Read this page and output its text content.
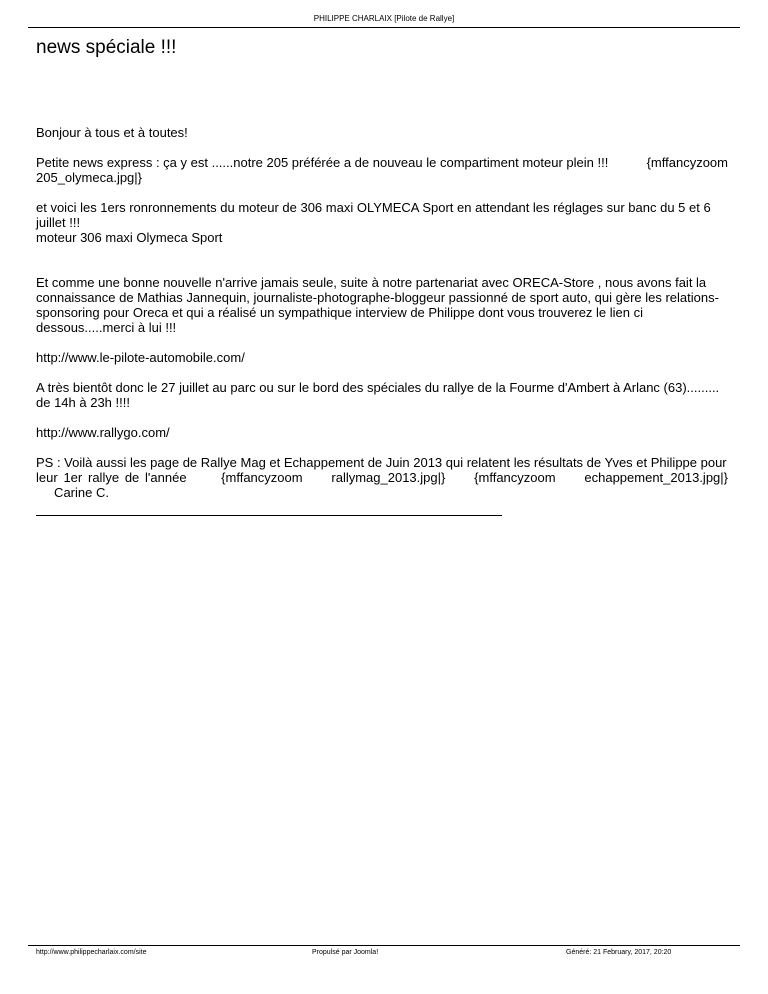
PHILIPPE CHARLAIX [Pilote de Rallye]
news spéciale !!!

Bonjour à tous et à toutes!

Petite news express : ça y est ......notre 205 préférée a de nouveau le compartiment moteur plein !!!	{mffancyzoom
205_olymeca.jpg|}

et voici les 1ers ronronnements du moteur de 306 maxi OLYMECA Sport en attendant les réglages sur banc du 5 et 6 juillet !!!
moteur 306 maxi Olymeca Sport

Et comme une bonne nouvelle n'arrive jamais seule, suite à notre partenariat avec ORECA-Store , nous avons fait la connaissance de Mathias Jannequin, journaliste-photographe-bloggeur passionné de sport auto, qui gère les relations-sponsoring pour Oreca et qui a réalisé un sympathique interview de Philippe dont vous trouverez le lien ci dessous.....merci à lui !!!

http://www.le-pilote-automobile.com/

A très bientôt donc le 27 juillet au parc ou sur le bord des spéciales du rallye de la Fourme d'Ambert à Arlanc (63)......... de 14h à 23h !!!!

http://www.rallygo.com/

PS : Voilà aussi les page de Rallye Mag et Echappement de Juin 2013 qui relatent les résultats de Yves et Philippe pour

leur 1er rallye de l'année      {mffancyzoom     rallymag_2013.jpg|}     {mffancyzoom     echappement_2013.jpg|}
Carine C.

http://www.philippecharlaix.com/site	Propulsé par Joomla!	Généré: 21 February, 2017, 20:20
